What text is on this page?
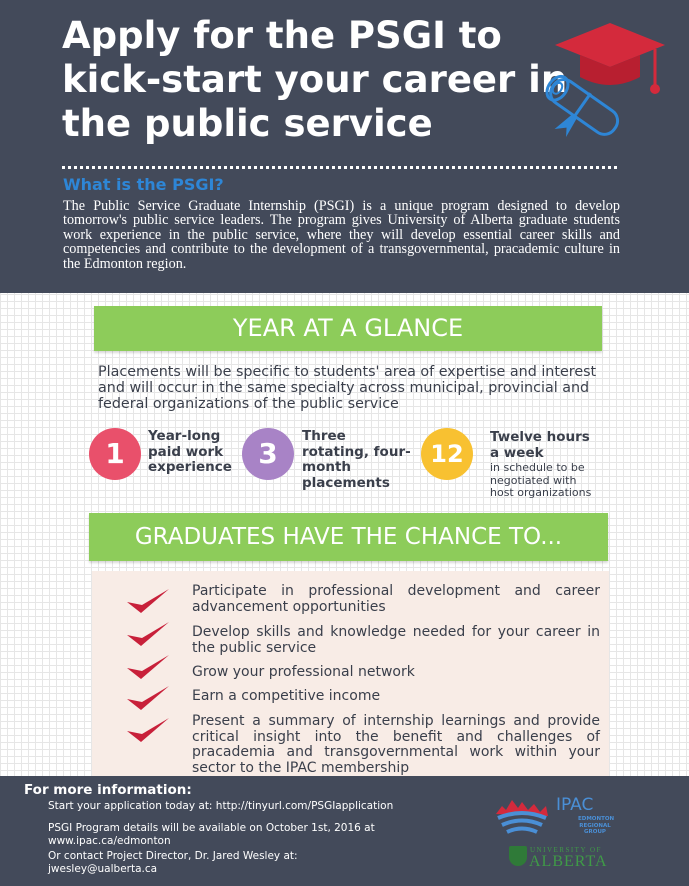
Apply for the PSGI to kick-start your career in the public service
What is the PSGI?
The Public Service Graduate Internship (PSGI) is a unique program designed to develop tomorrow's public service leaders. The program gives University of Alberta graduate students work experience in the public service, where they will develop essential career skills and competencies and contribute to the development of a transgovernmental, pracademic culture in the Edmonton region.
YEAR AT A GLANCE
Placements will be specific to students' area of expertise and interest and will occur in the same specialty across municipal, provincial and federal organizations of the public service
1
Year-long paid work experience 3
Three rotating, four-month placements
12
Twelve hours a week
in schedule to be negotiated with host organizations
GRADUATES HAVE THE CHANCE TO...
Participate in professional development and career advancement opportunities
Develop skills and knowledge needed for your career in the public service
Grow your professional network
Earn a competitive income
Present a summary of internship learnings and provide critical insight into the benefit and challenges of pracademia and transgovernmental work within your sector to the IPAC membership
For more information:
Start your application today at: http://tinyurl.com/PSGIapplication
PSGI Program details will be available on October 1st, 2016 at www.ipac.ca/edmonton
Or contact Project Director, Dr. Jared Wesley at: jwesley@ualberta.ca
IPAC
EDMONTON REGIONAL GROUP
UNIVERSITY OF
ALBERTA
